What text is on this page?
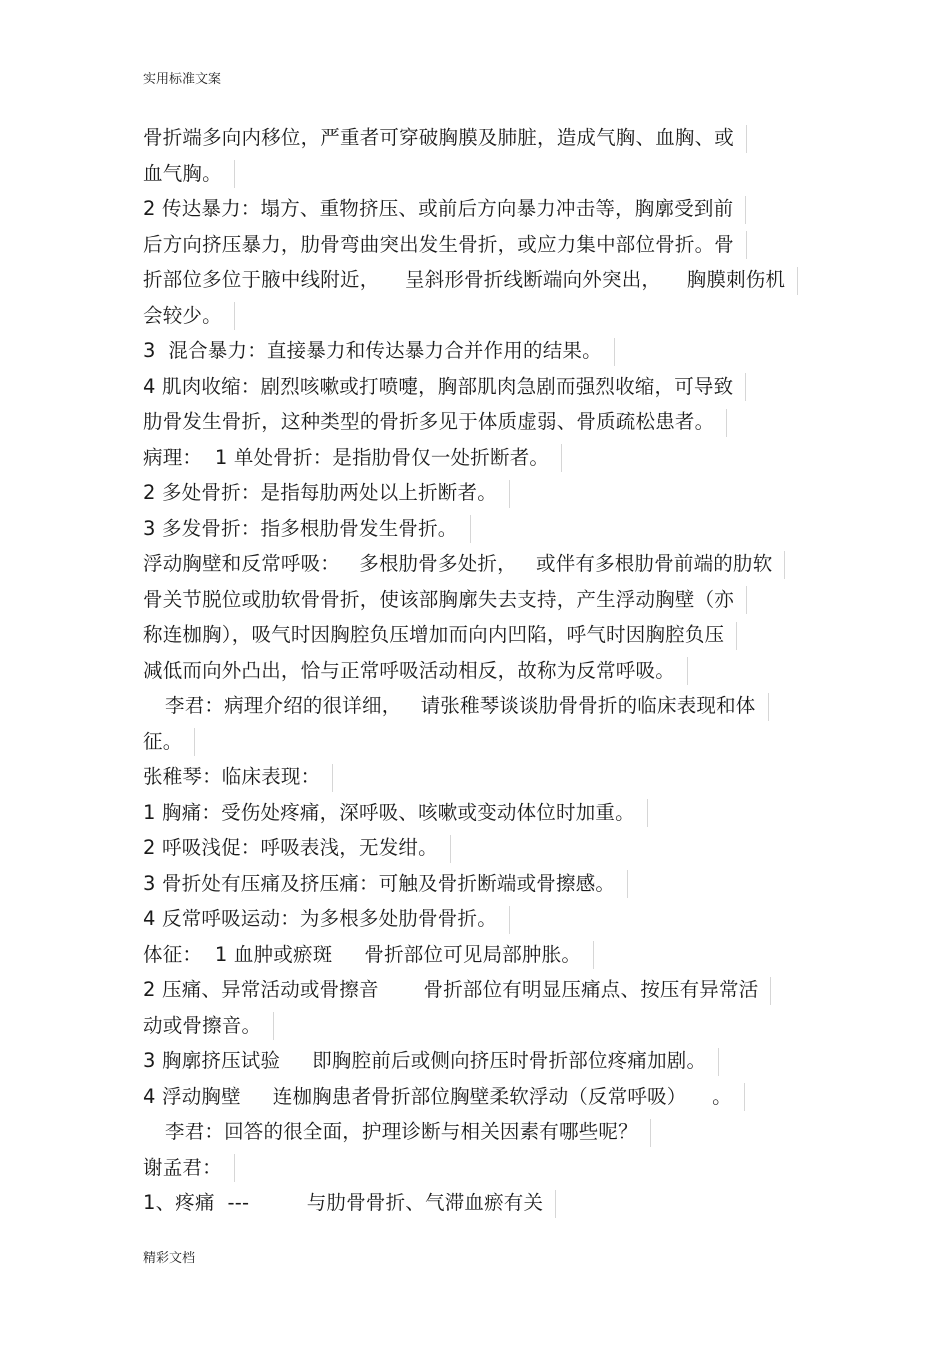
实用标准文案
骨折端多向内移位，严重者可穿破胸膜及肺脏，造成气胸、血胸、或
血气胸。
2 传达暴力：塌方、重物挤压、或前后方向暴力冲击等，胸廓受到前
后方向挤压暴力，肋骨弯曲突出发生骨折，或应力集中部位骨折。骨
折部位多位于腋中线附近，    呈斜形骨折线断端向外突出，    胸膜刺伤机
会较少。
3  混合暴力：直接暴力和传达暴力合并作用的结果。
4 肌肉收缩：剧烈咳嗽或打喷嚏，胸部肌肉急剧而强烈收缩，可导致
肋骨发生骨折，这种类型的骨折多见于体质虚弱、骨质疏松患者。
病理：  1 单处骨折：是指肋骨仅一处折断者。
2 多处骨折：是指每肋两处以上折断者。
3 多发骨折：指多根肋骨发生骨折。
浮动胸壁和反常呼吸：   多根肋骨多处折，   或伴有多根肋骨前端的肋软
骨关节脱位或肋软骨骨折，使该部胸廓失去支持，产生浮动胸壁（亦
称连枷胸），吸气时因胸腔负压增加而向内凹陷，呼气时因胸腔负压
减低而向外凸出，恰与正常呼吸活动相反，故称为反常呼吸。
李君：病理介绍的很详细，   请张稚琴谈谈肋骨骨折的临床表现和体
征。
张稚琴：临床表现：
1 胸痛：受伤处疼痛，深呼吸、咳嗽或变动体位时加重。
2 呼吸浅促：呼吸表浅，无发绀。
3 骨折处有压痛及挤压痛：可触及骨折断端或骨擦感。
4 反常呼吸运动：为多根多处肋骨骨折。
体征：  1 血肿或瘀斑     骨折部位可见局部肿胀。
2 压痛、异常活动或骨擦音       骨折部位有明显压痛点、按压有异常活
动或骨擦音。
3 胸廓挤压试验     即胸腔前后或侧向挤压时骨折部位疼痛加剧。
4 浮动胸壁     连枷胸患者骨折部位胸壁柔软浮动（反常呼吸）    。
李君：回答的很全面，护理诊断与相关因素有哪些呢？
谢孟君：
1、疼痛  ---         与肋骨骨折、气滞血瘀有关
精彩文档
